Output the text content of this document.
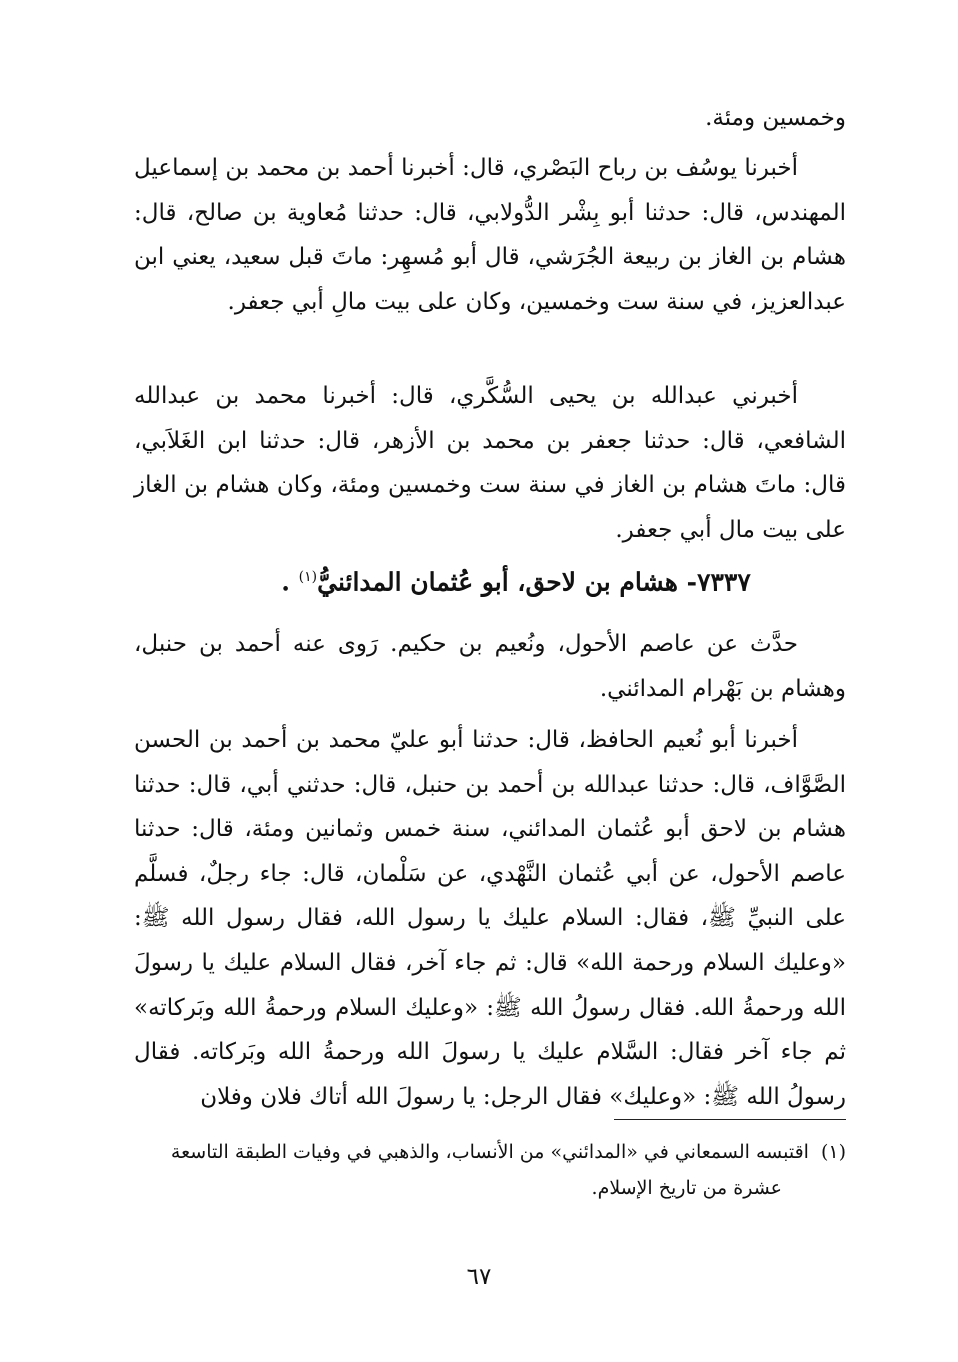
وخمسين ومئة.

أخبرنا يوسُف بن رباح البَصْري، قال: أخبرنا أحمد بن محمد بن إسماعيل المهندس، قال: حدثنا أبو بِشْر الدُّولابي، قال: حدثنا مُعاوية بن صالح، قال: هشام بن الغاز بن ربيعة الجُرَشي، قال أبو مُسهِر: ماتَ قبل سعيد، يعني ابن عبدالعزيز، في سنة ست وخمسين، وكان على بيت مالِ أبي جعفر.

أخبرني عبدالله بن يحيى السُّكَّري، قال: أخبرنا محمد بن عبدالله الشافعي، قال: حدثنا جعفر بن محمد بن الأزهر، قال: حدثنا ابن الغَلاَبي، قال: ماتَ هشام بن الغاز في سنة ست وخمسين ومئة، وكان هشام بن الغاز على بيت مال أبي جعفر.

٧٣٣٧- هشام بن لاحق، أبو عُثمان المدائنيُّ$^{(١)}$ .

حدَّث عن عاصم الأحول، ونُعيم بن حكيم. رَوى عنه أحمد بن حنبل، وهشام بن بَهْرام المدائني.

أخبرنا أبو نُعيم الحافظ، قال: حدثنا أبو عليّ محمد بن أحمد بن الحسن الصَّوَّاف، قال: حدثنا عبدالله بن أحمد بن حنبل، قال: حدثني أبي، قال: حدثنا هشام بن لاحق أبو عُثمان المدائني، سنة خمس وثمانين ومئة، قال: حدثنا عاصم الأحول، عن أبي عُثمان النَّهْدي، عن سَلْمان، قال: جاء رجلٌ، فسلَّم على النبيِّ ﷺ، فقال: السلام عليك يا رسول الله، فقال رسول الله ﷺ: «وعليك السلام ورحمة الله» قال: ثم جاء آخر، فقال السلام عليك يا رسولَ الله ورحمةُ الله. فقال رسولُ الله ﷺ: «وعليك السلام ورحمةُ الله وبَركاته» ثم جاء آخر فقال: السَّلام عليك يا رسولَ الله ورحمةُ الله وبَركاته. فقال رسولُ الله ﷺ: «وعليك» فقال الرجل: يا رسولَ الله أتاك فلان وفلان

(١)اقتبسه السمعاني في «المدائني» من الأنساب، والذهبي في وفيات الطبقة التاسعة
عشرة من تاريخ الإسلام.
٦٧
